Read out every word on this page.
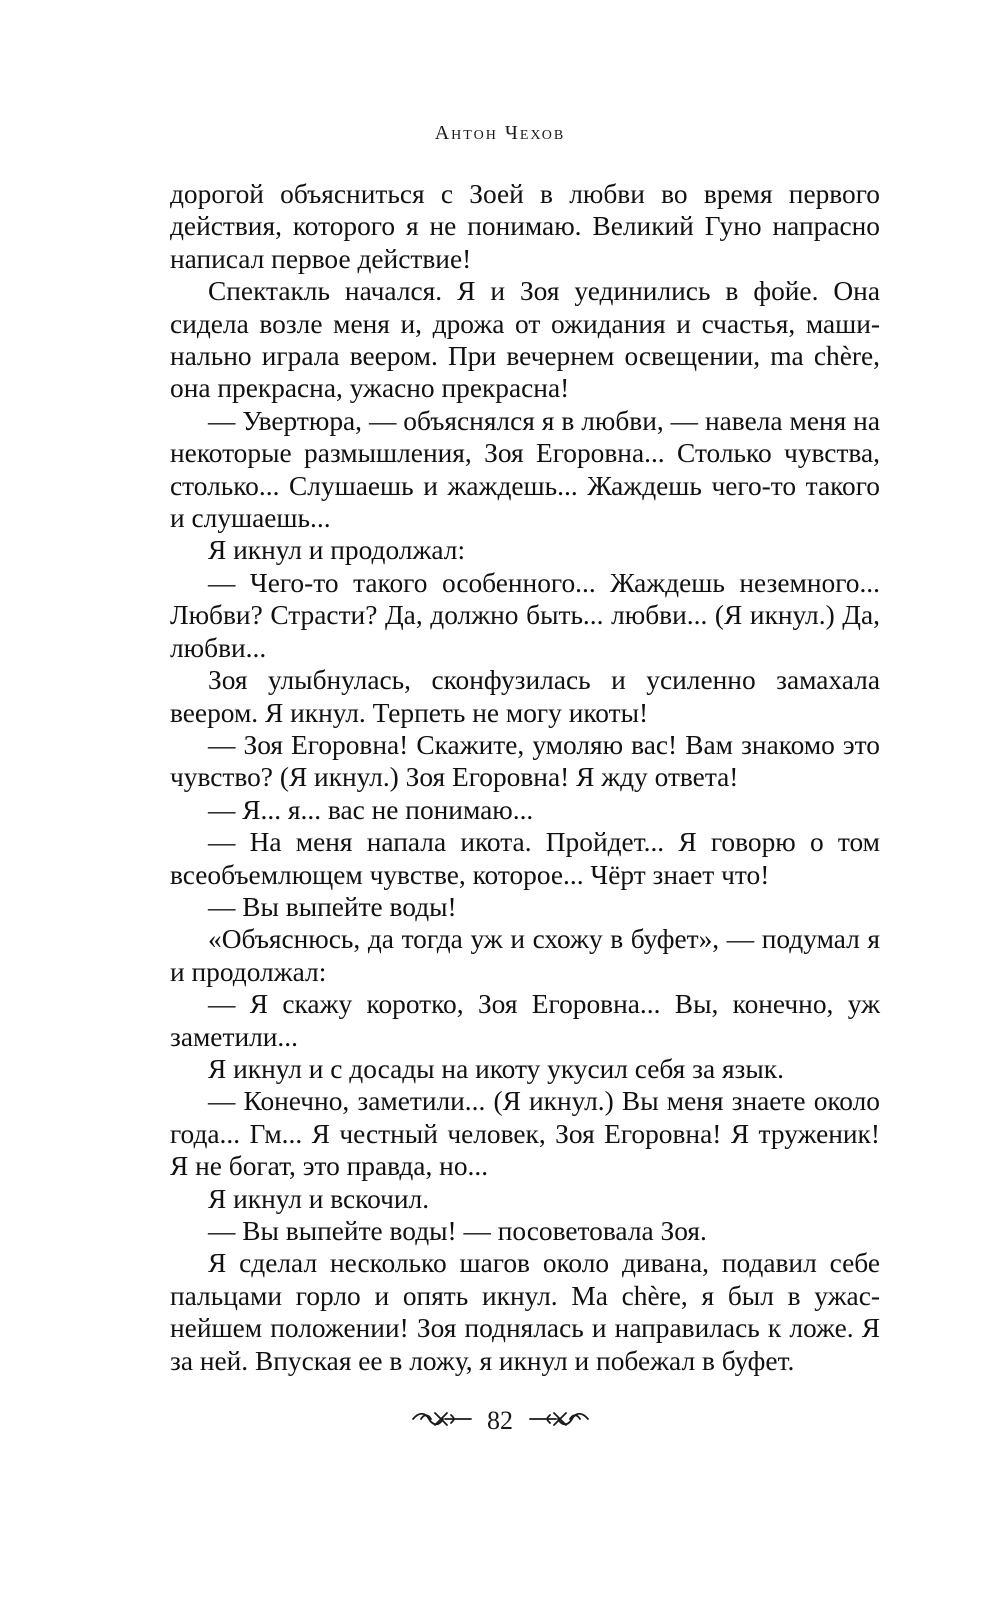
Антон Чехов

дорогой объясниться с Зоей в любви во время первого действия, которого я не понимаю. Великий Гуно напрасно написал первое действие!

Спектакль начался. Я и Зоя уединились в фойе. Она сидела возле меня и, дрожа от ожидания и счастья, машинально играла веером. При вечернем освещении, ma chère, она прекрасна, ужасно прекрасна!

— Увертюра, — объяснялся я в любви, — навела меня на некоторые размышления, Зоя Егоровна... Столько чувства, столько... Слушаешь и жаждешь... Жаждешь чего-то такого и слушаешь...

Я икнул и продолжал:

— Чего-то такого особенного... Жаждешь неземного... Любви? Страсти? Да, должно быть... любви... (Я икнул.) Да, любви...

Зоя улыбнулась, сконфузилась и усиленно замахала веером. Я икнул. Терпеть не могу икоты!

— Зоя Егоровна! Скажите, умоляю вас! Вам знакомо это чувство? (Я икнул.) Зоя Егоровна! Я жду ответа!

— Я... я... вас не понимаю...

— На меня напала икота. Пройдет... Я говорю о том всеобъемлющем чувстве, которое... Чёрт знает что!

— Вы выпейте воды!

«Объяснюсь, да тогда уж и схожу в буфет», — подумал я и продолжал:

— Я скажу коротко, Зоя Егоровна... Вы, конечно, уж заметили...

Я икнул и с досады на икоту укусил себя за язык.

— Конечно, заметили... (Я икнул.) Вы меня знаете около года... Гм... Я честный человек, Зоя Егоровна! Я труженик! Я не богат, это правда, но...

Я икнул и вскочил.

— Вы выпейте воды! — посоветовала Зоя.

Я сделал несколько шагов около дивана, подавил себе пальцами горло и опять икнул. Ma chère, я был в ужаснейшем положении! Зоя поднялась и направилась к ложе. Я за ней. Впуская ее в ложу, я икнул и побежал в буфет.

82
